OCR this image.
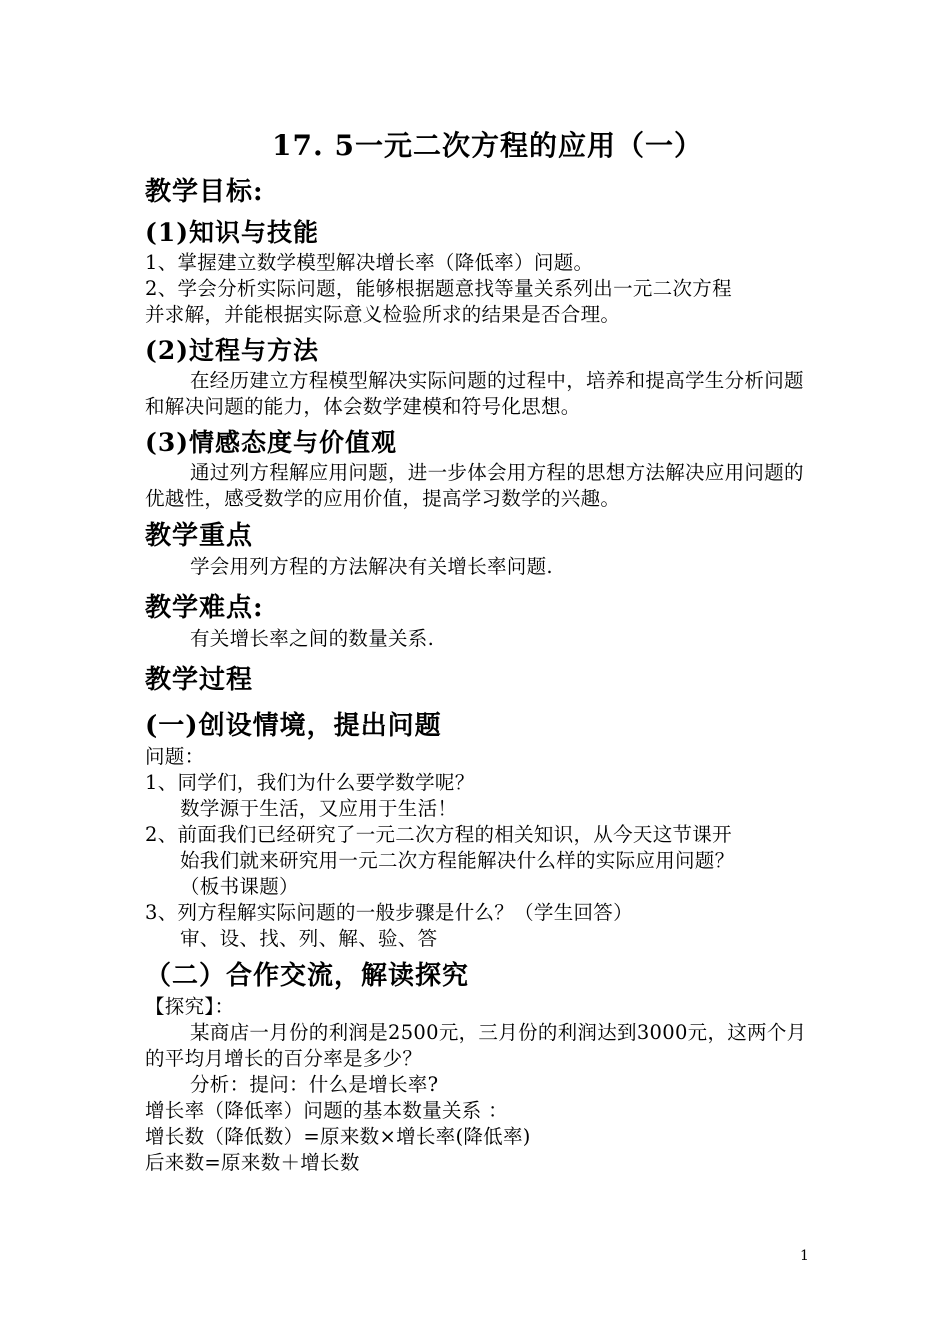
17. 5一元二次方程的应用（一）
教学目标:
(1)知识与技能
1、掌握建立数学模型解决增长率（降低率）问题。
2、学会分析实际问题，能够根据题意找等量关系列出一元二次方程
并求解，并能根据实际意义检验所求的结果是否合理。
(2)过程与方法
在经历建立方程模型解决实际问题的过程中，培养和提高学生分析问题和解决问题的能力，体会数学建模和符号化思想。
(3)情感态度与价值观
通过列方程解应用问题，进一步体会用方程的思想方法解决应用问题的优越性，感受数学的应用价值，提高学习数学的兴趣。
教学重点
学会用列方程的方法解决有关增长率问题.
教学难点:
有关增长率之间的数量关系.
教学过程
(一)创设情境，提出问题
问题：
1、同学们，我们为什么要学数学呢？
数学源于生活，又应用于生活！
2、前面我们已经研究了一元二次方程的相关知识，从今天这节课开
始我们就来研究用一元二次方程能解决什么样的实际应用问题？
（板书课题）
3、列方程解实际问题的一般步骤是什么？（学生回答）
审、设、找、列、解、验、答
（二）合作交流，解读探究
【探究】：
某商店一月份的利润是2500元，三月份的利润达到3000元，这两个月的平均月增长的百分率是多少？
分析：提问：什么是增长率?
增长率（降低率）问题的基本数量关系 ：
增长数（降低数）=原来数×增长率(降低率)
后来数=原来数＋增长数
1
